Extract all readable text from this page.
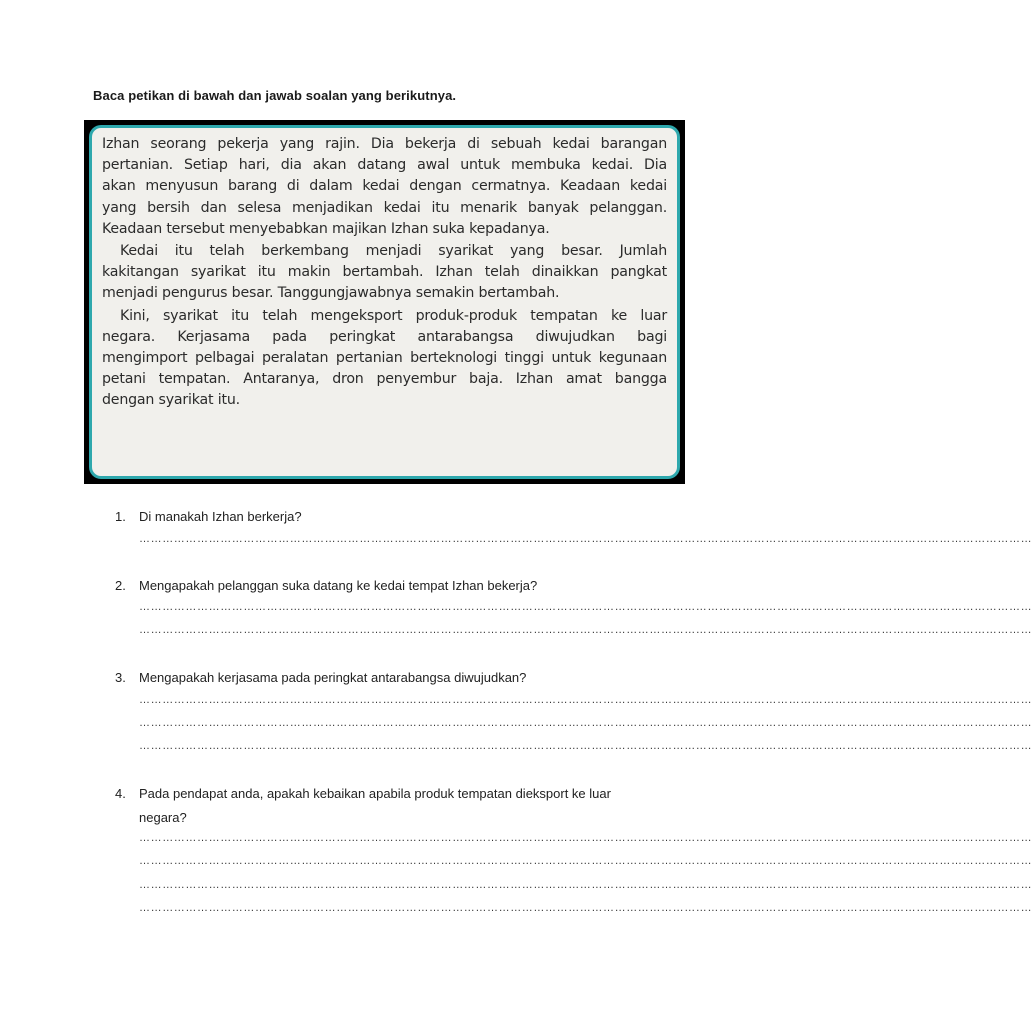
Baca petikan di bawah dan jawab soalan yang berikutnya.
Izhan seorang pekerja yang rajin. Dia bekerja di sebuah kedai barangan
pertanian. Setiap hari, dia akan datang awal untuk membuka kedai. Dia
akan menyusun barang di dalam kedai dengan cermatnya. Keadaan kedai
yang bersih dan selesa menjadikan kedai itu menarik banyak pelanggan.
Keadaan tersebut menyebabkan majikan Izhan suka kepadanya.
Kedai itu telah berkembang menjadi syarikat yang besar. Jumlah
kakitangan syarikat itu makin bertambah. Izhan telah dinaikkan pangkat
menjadi pengurus besar. Tanggungjawabnya semakin bertambah.
Kini, syarikat itu telah mengeksport produk-produk tempatan ke luar
negara. Kerjasama pada peringkat antarabangsa diwujudkan bagi
mengimport pelbagai peralatan pertanian berteknologi tinggi untuk kegunaan
petani tempatan. Antaranya, dron penyembur baja. Izhan amat bangga
dengan syarikat itu.
1. Di manakah Izhan berkerja?
……………………………………………………………………………………………………………………………………………………………………………………………………………
2. Mengapakah pelanggan suka datang ke kedai tempat Izhan bekerja?
……………………………………………………………………………………………………………………………………………………………………………………………………………
……………………………………………………………………………………………………………………………………………………………………………………………………………
3. Mengapakah kerjasama pada peringkat antarabangsa diwujudkan?
……………………………………………………………………………………………………………………………………………………………………………………………………………
……………………………………………………………………………………………………………………………………………………………………………………………………………
……………………………………………………………………………………………………………………………………………………………………………………………………………
4. Pada pendapat anda, apakah kebaikan apabila produk tempatan dieksport ke luar
negara?
……………………………………………………………………………………………………………………………………………………………………………………………………………
……………………………………………………………………………………………………………………………………………………………………………………………………………
……………………………………………………………………………………………………………………………………………………………………………………………………………
……………………………………………………………………………………………………………………………………………………………………………………………………………
